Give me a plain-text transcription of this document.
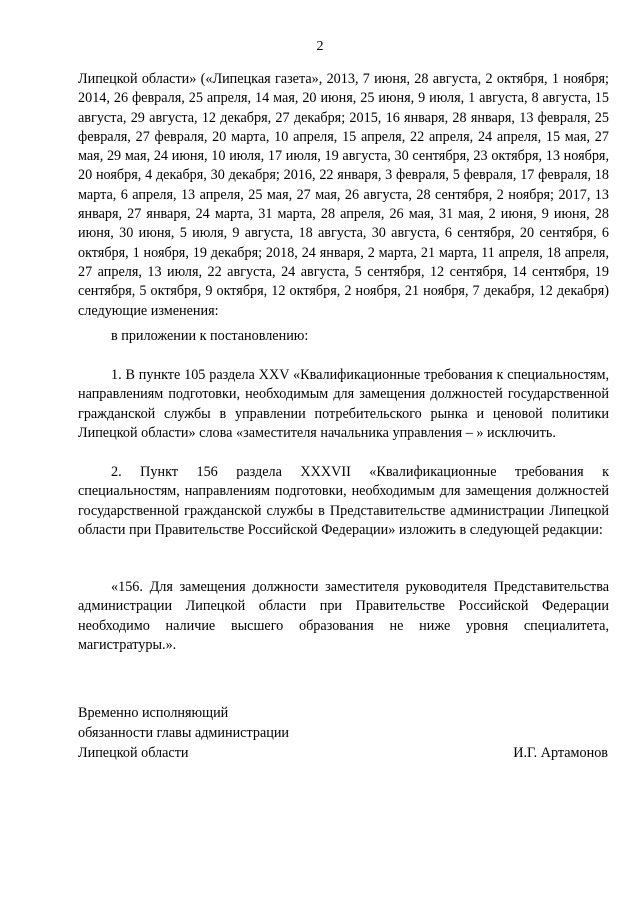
2

Липецкой области» («Липецкая газета», 2013, 7 июня, 28 августа, 2 октября, 1 ноября; 2014, 26 февраля, 25 апреля, 14 мая, 20 июня, 25 июня, 9 июля, 1 августа, 8 августа, 15 августа, 29 августа, 12 декабря, 27 декабря; 2015, 16 января, 28 января, 13 февраля, 25 февраля, 27 февраля, 20 марта, 10 апреля, 15 апреля, 22 апреля, 24 апреля, 15 мая, 27 мая, 29 мая, 24 июня, 10 июля, 17 июля, 19 августа, 30 сентября, 23 октября, 13 ноября, 20 ноября, 4 декабря, 30 декабря; 2016, 22 января, 3 февраля, 5 февраля, 17 февраля, 18 марта, 6 апреля, 13 апреля, 25 мая, 27 мая, 26 августа, 28 сентября, 2 ноября; 2017, 13 января, 27 января, 24 марта, 31 марта, 28 апреля, 26 мая, 31 мая, 2 июня, 9 июня, 28 июня, 30 июня, 5 июля, 9 августа, 18 августа, 30 августа, 6 сентября, 20 сентября, 6 октября, 1 ноября, 19 декабря; 2018, 24 января, 2 марта, 21 марта, 11 апреля, 18 апреля, 27 апреля, 13 июля, 22 августа, 24 августа, 5 сентября, 12 сентября, 14 сентября, 19 сентября, 5 октября, 9 октября, 12 октября, 2 ноября, 21 ноября, 7 декабря, 12 декабря) следующие изменения:

в приложении к постановлению:

1. В пункте 105 раздела XXV «Квалификационные требования к специальностям, направлениям подготовки, необходимым для замещения должностей государственной гражданской службы в управлении потребительского рынка и ценовой политики Липецкой области» слова «заместителя начальника управления – » исключить.

2. Пункт 156 раздела XXXVII «Квалификационные требования к специальностям, направлениям подготовки, необходимым для замещения должностей государственной гражданской службы в Представительстве администрации Липецкой области при Правительстве Российской Федерации» изложить в следующей редакции:

«156. Для замещения должности заместителя руководителя Представительства администрации Липецкой области при Правительстве Российской Федерации необходимо наличие высшего образования не ниже уровня специалитета, магистратуры.».

Временно исполняющий
обязанности главы администрации
Липецкой области	И.Г. Артамонов
